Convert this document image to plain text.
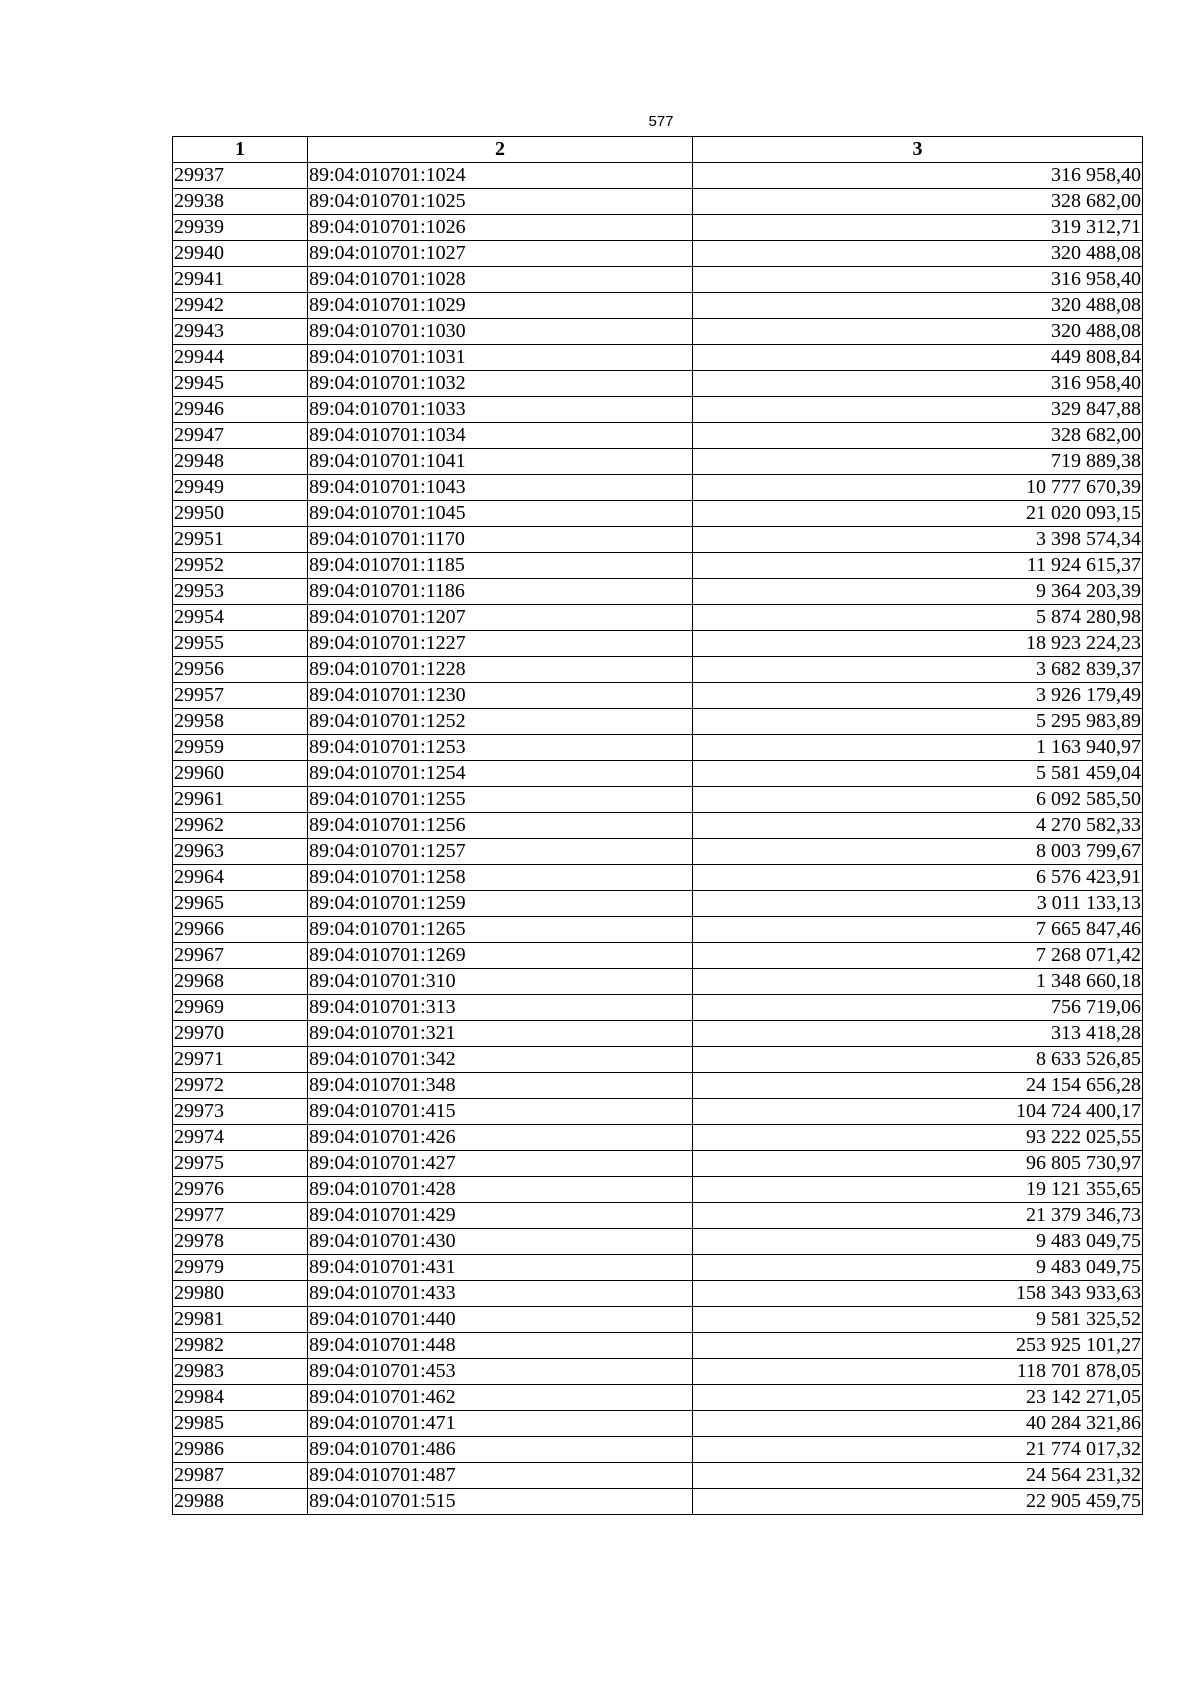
577
1	2	3
29937	89:04:010701:1024	316 958,40
29938	89:04:010701:1025	328 682,00
29939	89:04:010701:1026	319 312,71
29940	89:04:010701:1027	320 488,08
29941	89:04:010701:1028	316 958,40
29942	89:04:010701:1029	320 488,08
29943	89:04:010701:1030	320 488,08
29944	89:04:010701:1031	449 808,84
29945	89:04:010701:1032	316 958,40
29946	89:04:010701:1033	329 847,88
29947	89:04:010701:1034	328 682,00
29948	89:04:010701:1041	719 889,38
29949	89:04:010701:1043	10 777 670,39
29950	89:04:010701:1045	21 020 093,15
29951	89:04:010701:1170	3 398 574,34
29952	89:04:010701:1185	11 924 615,37
29953	89:04:010701:1186	9 364 203,39
29954	89:04:010701:1207	5 874 280,98
29955	89:04:010701:1227	18 923 224,23
29956	89:04:010701:1228	3 682 839,37
29957	89:04:010701:1230	3 926 179,49
29958	89:04:010701:1252	5 295 983,89
29959	89:04:010701:1253	1 163 940,97
29960	89:04:010701:1254	5 581 459,04
29961	89:04:010701:1255	6 092 585,50
29962	89:04:010701:1256	4 270 582,33
29963	89:04:010701:1257	8 003 799,67
29964	89:04:010701:1258	6 576 423,91
29965	89:04:010701:1259	3 011 133,13
29966	89:04:010701:1265	7 665 847,46
29967	89:04:010701:1269	7 268 071,42
29968	89:04:010701:310	1 348 660,18
29969	89:04:010701:313	756 719,06
29970	89:04:010701:321	313 418,28
29971	89:04:010701:342	8 633 526,85
29972	89:04:010701:348	24 154 656,28
29973	89:04:010701:415	104 724 400,17
29974	89:04:010701:426	93 222 025,55
29975	89:04:010701:427	96 805 730,97
29976	89:04:010701:428	19 121 355,65
29977	89:04:010701:429	21 379 346,73
29978	89:04:010701:430	9 483 049,75
29979	89:04:010701:431	9 483 049,75
29980	89:04:010701:433	158 343 933,63
29981	89:04:010701:440	9 581 325,52
29982	89:04:010701:448	253 925 101,27
29983	89:04:010701:453	118 701 878,05
29984	89:04:010701:462	23 142 271,05
29985	89:04:010701:471	40 284 321,86
29986	89:04:010701:486	21 774 017,32
29987	89:04:010701:487	24 564 231,32
29988	89:04:010701:515	22 905 459,75
